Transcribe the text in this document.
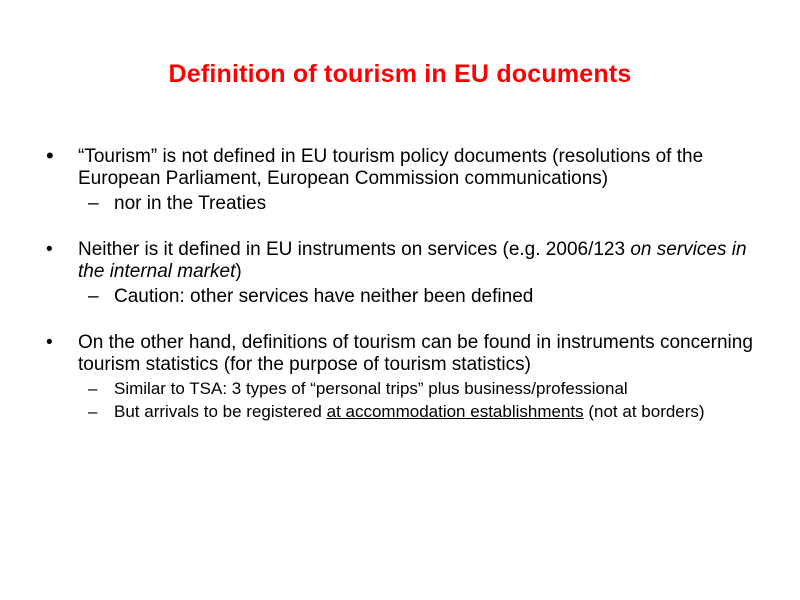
Definition of tourism in EU documents
• “Tourism” is not defined in EU tourism policy documents (resolutions of the European Parliament, European Commission communications)
– nor in the Treaties
• Neither is it defined in EU instruments on services (e.g. 2006/123 on services in the internal market)
– Caution: other services have neither been defined
• On the other hand, definitions of tourism can be found in instruments concerning tourism statistics (for the purpose of tourism statistics)
– Similar to TSA: 3 types of “personal trips” plus business/professional
– But arrivals to be registered at accommodation establishments (not at borders)
